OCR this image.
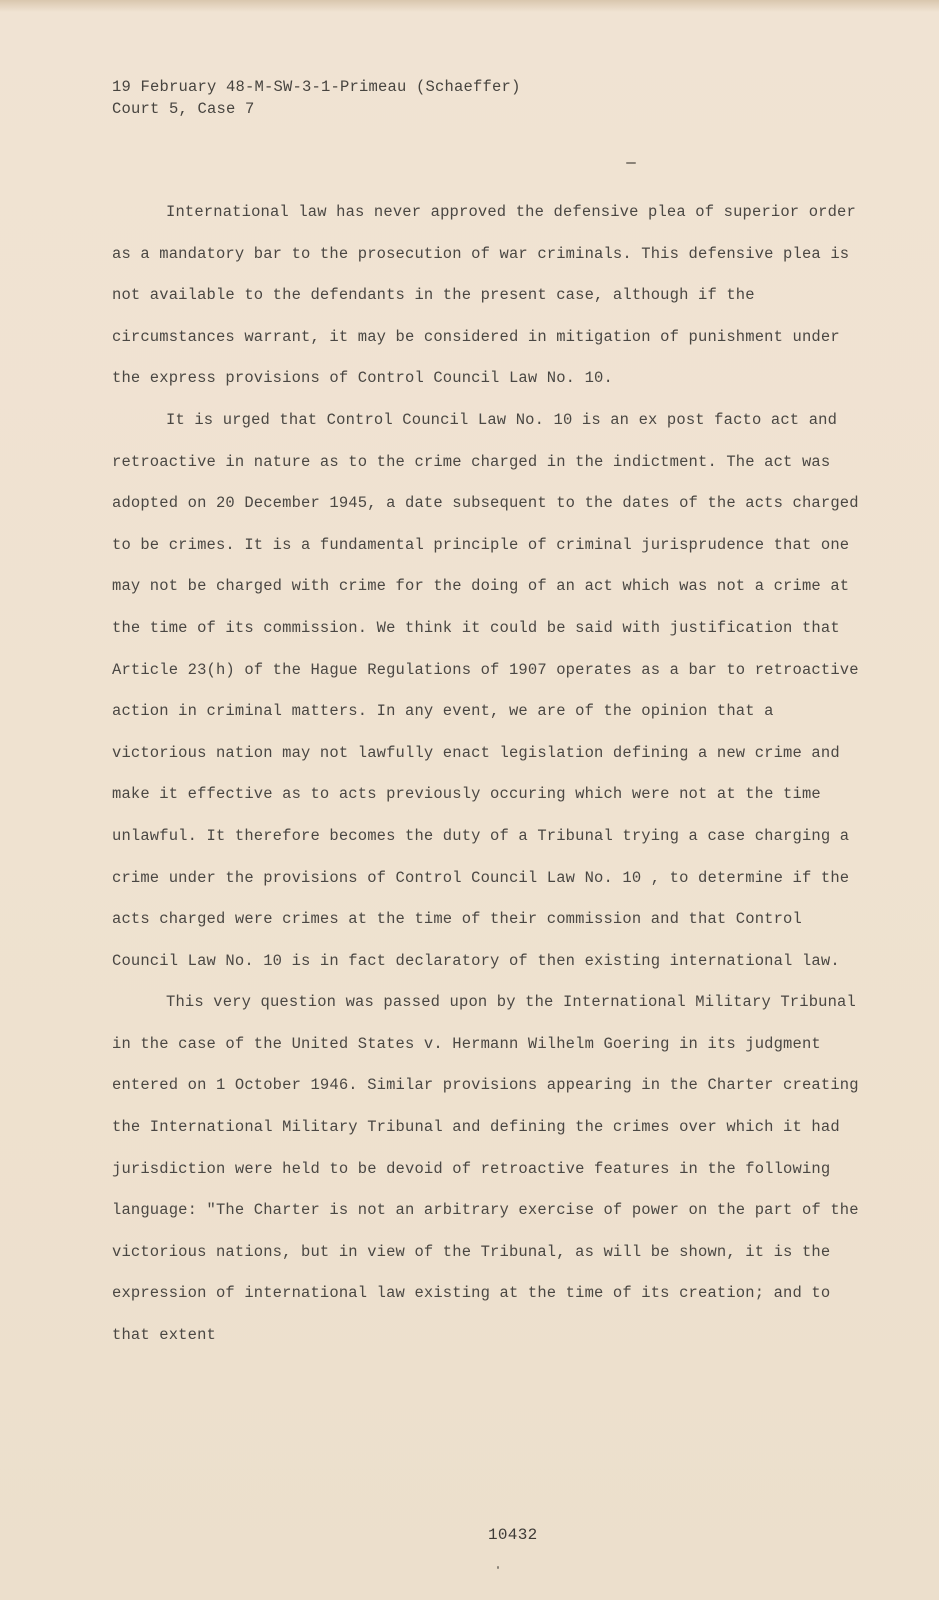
19 February 48-M-SW-3-1-Primeau (Schaeffer)
Court 5, Case 7

International law has never approved the defensive plea of superior order as a mandatory bar to the prosecution of war criminals. This defensive plea is not available to the defendants in the present case, although if the circumstances warrant, it may be considered in mitigation of punishment under the express provisions of Control Council Law No. 10.

It is urged that Control Council Law No. 10 is an ex post facto act and retroactive in nature as to the crime charged in the indictment. The act was adopted on 20 December 1945, a date subsequent to the dates of the acts charged to be crimes. It is a fundamental principle of criminal jurisprudence that one may not be charged with crime for the doing of an act which was not a crime at the time of its commission. We think it could be said with justification that Article 23(h) of the Hague Regulations of 1907 operates as a bar to retroactive action in criminal matters. In any event, we are of the opinion that a victorious nation may not lawfully enact legislation defining a new crime and make it effective as to acts previously occuring which were not at the time unlawful. It therefore becomes the duty of a Tribunal trying a case charging a crime under the provisions of Control Council Law No. 10 , to determine if the acts charged were crimes at the time of their commission and that Control Council Law No. 10 is in fact declaratory of then existing international law.

This very question was passed upon by the International Military Tribunal in the case of the United States v. Hermann Wilhelm Goering in its judgment entered on 1 October 1946. Similar provisions appearing in the Charter creating the International Military Tribunal and defining the crimes over which it had jurisdiction were held to be devoid of retroactive features in the following language: "The Charter is not an arbitrary exercise of power on the part of the victorious nations, but in view of the Tribunal, as will be shown, it is the expression of international law existing at the time of its creation; and to that extent

10432
